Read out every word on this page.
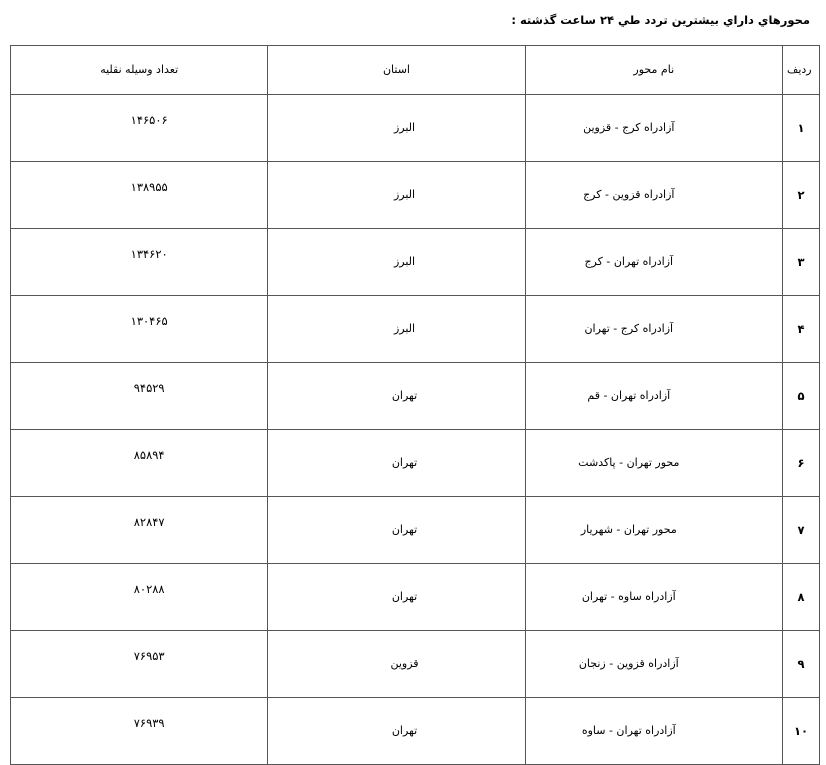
محورهاي داراي بيشترين تردد طي ۲۴ ساعت گذشته :
رديف	نام محور	استان	تعداد وسيله نقليه
۱	آزادراه کرج - قزوين	البرز	۱۴۶۵۰۶
۲	آزادراه قزوين - کرج	البرز	۱۳۸۹۵۵
۳	آزادراه تهران - کرج	البرز	۱۳۴۶۲۰
۴	آزادراه کرج - تهران	البرز	۱۳۰۴۶۵
۵	آزادراه تهران - قم	تهران	۹۴۵۲۹
۶	محور تهران - پاکدشت	تهران	۸۵۸۹۴
۷	محور تهران - شهريار	تهران	۸۲۸۴۷
۸	آزادراه ساوه - تهران	تهران	۸۰۲۸۸
۹	آزادراه قزوين - زنجان	قزوين	۷۶۹۵۳
۱۰	آزادراه تهران - ساوه	تهران	۷۶۹۳۹
